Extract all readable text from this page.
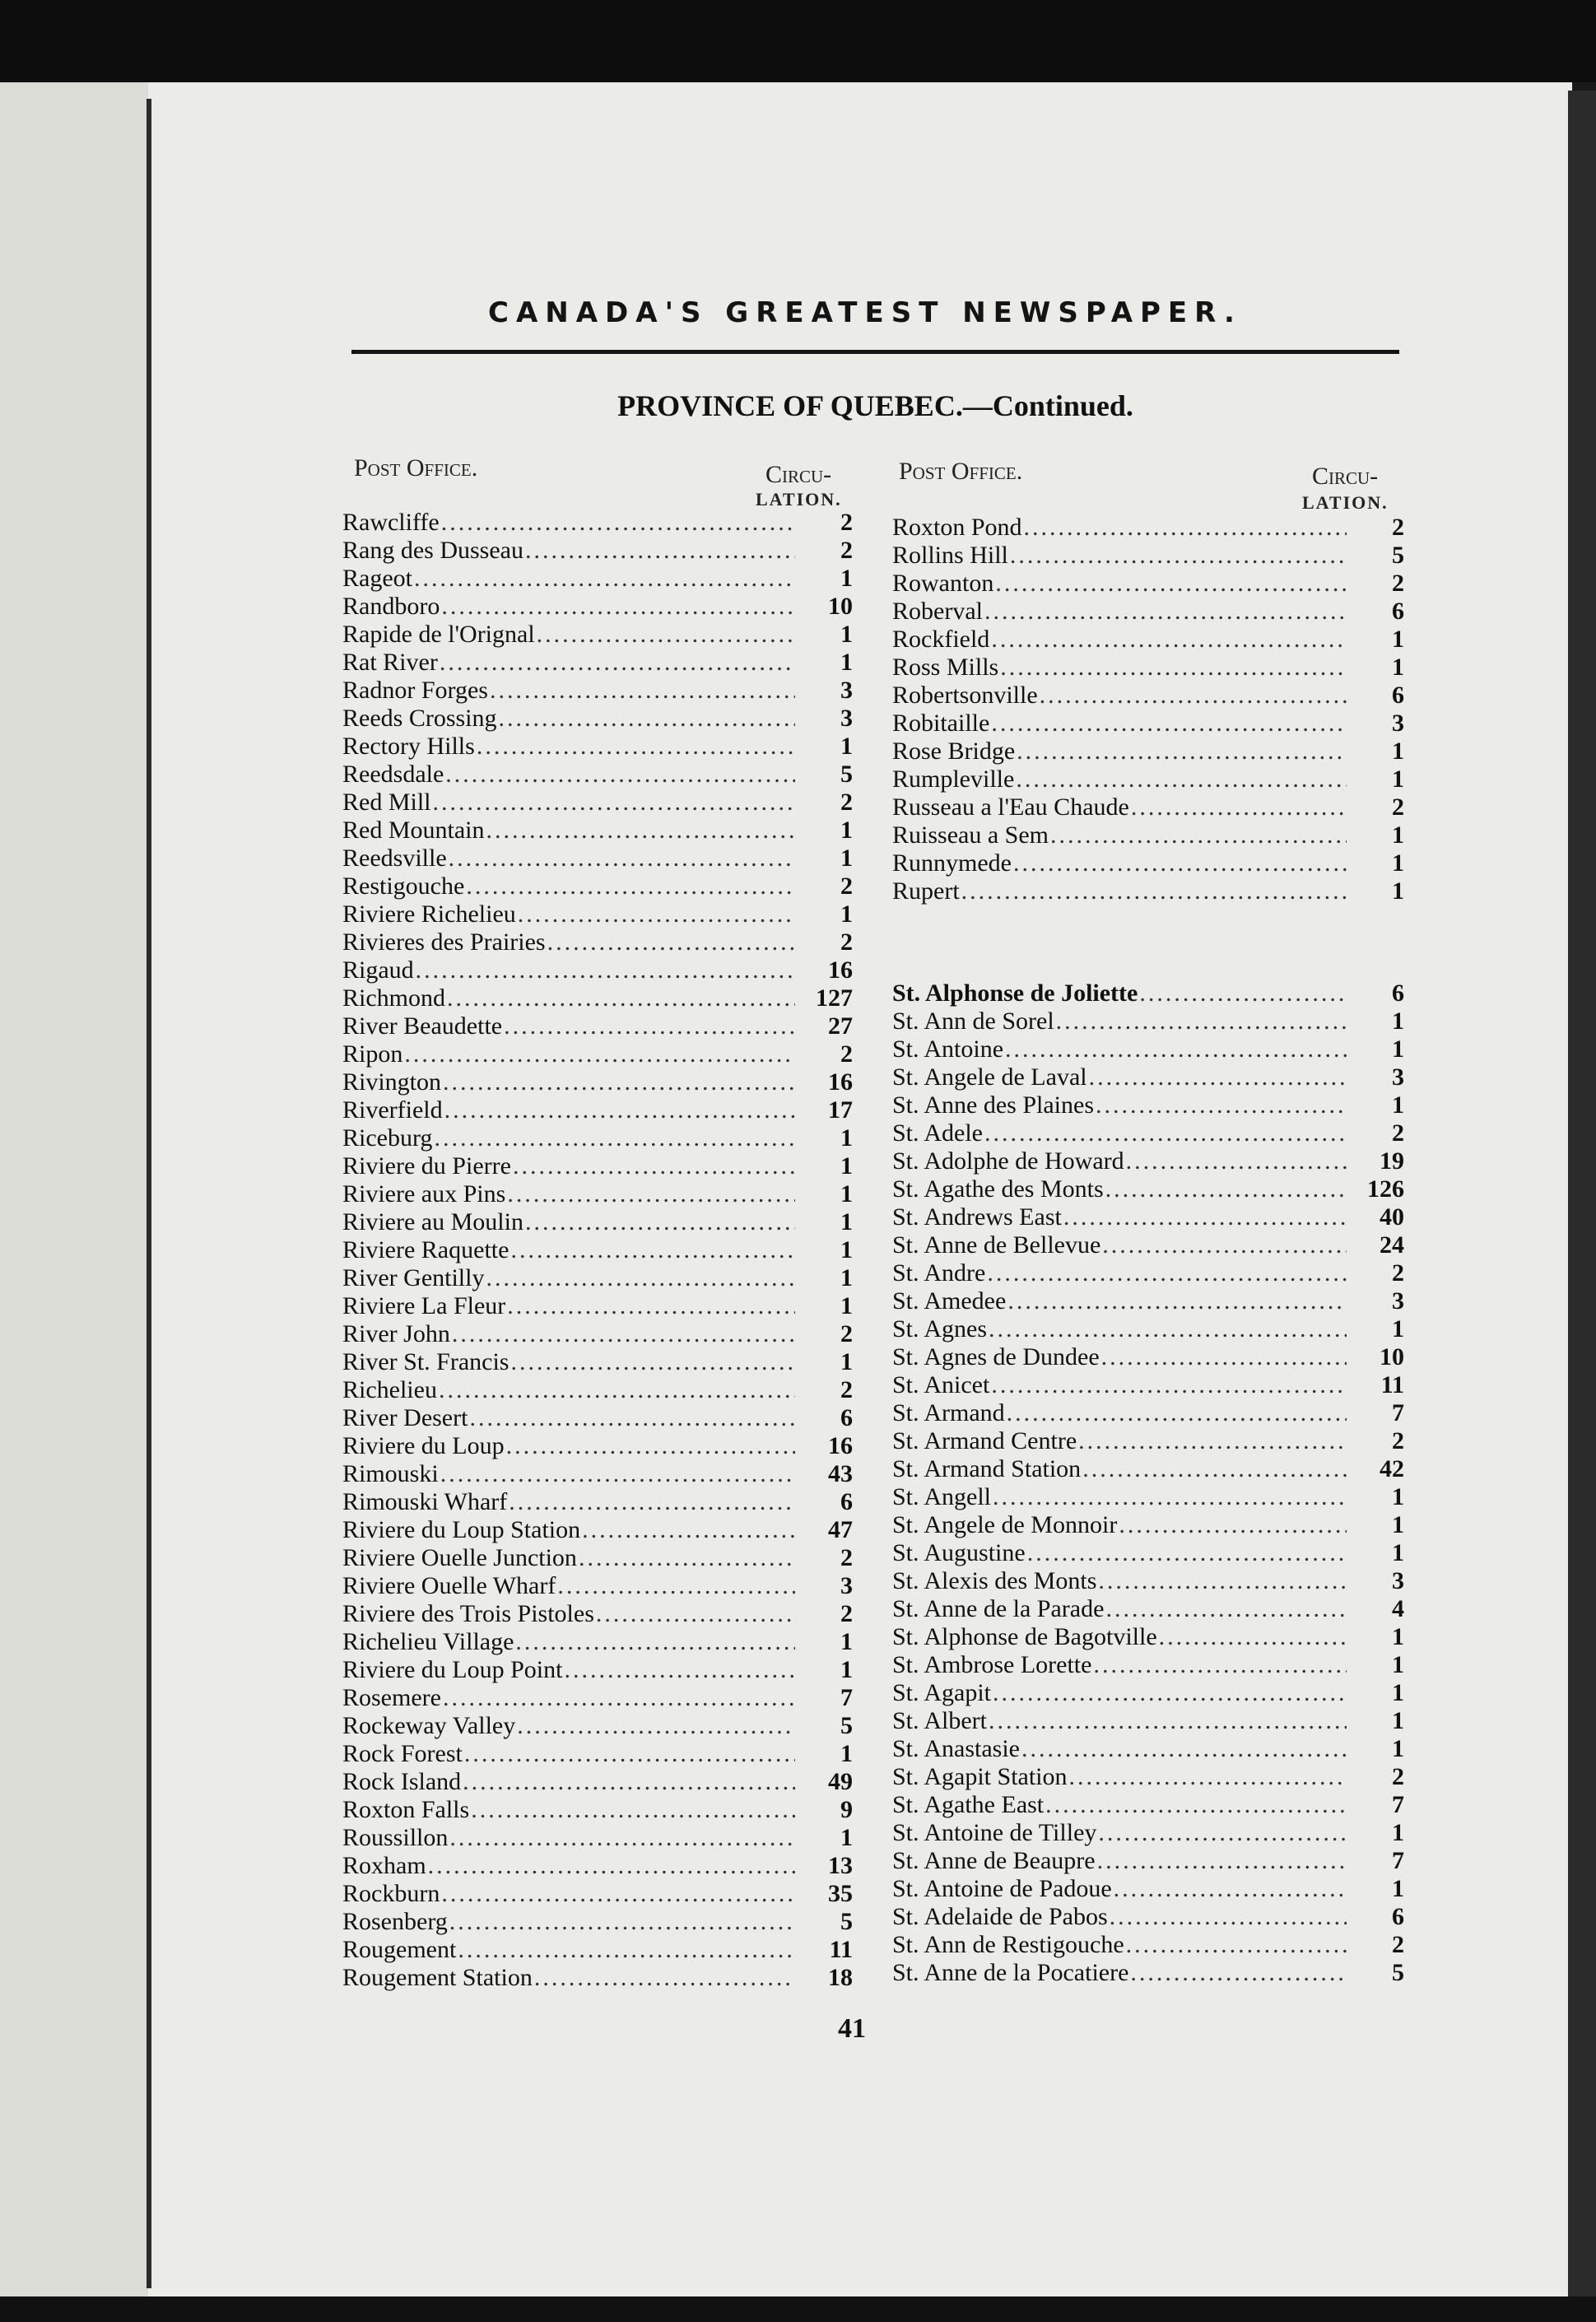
CANADA'S GREATEST NEWSPAPER.
PROVINCE OF QUEBEC.—Continued.
Post Office.	Circu-
LATION.
Post Office.	Circu-
LATION.
Rawcliffe .....	2
Rang des Dusseau .....	2
Rageot .....	1
Randboro .....	10
Rapide de l'Orignal .....	1
Rat River .....	1
Radnor Forges .....	3
Reeds Crossing .....	3
Rectory Hills .....	1
Reedsdale .....	5
Red Mill .....	2
Red Mountain .....	1
Reedsville .....	1
Restigouche .....	2
Riviere Richelieu .....	1
Rivieres des Prairies .....	2
Rigaud .....	16
Richmond .....	127
River Beaudette .....	27
Ripon .....	2
Rivington .....	16
Riverfield .....	17
Riceburg .....	1
Riviere du Pierre .....	1
Riviere aux Pins .....	1
Riviere au Moulin .....	1
Riviere Raquette .....	1
River Gentilly .....	1
Riviere La Fleur .....	1
River John .....	2
River St. Francis .....	1
Richelieu .....	2
River Desert .....	6
Riviere du Loup .....	16
Rimouski .....	43
Rimouski Wharf .....	6
Riviere du Loup Station .....	47
Riviere Ouelle Junction .....	2
Riviere Ouelle Wharf .....	3
Riviere des Trois Pistoles .....	2
Richelieu Village .....	1
Riviere du Loup Point .....	1
Rosemere .....	7
Rockeway Valley .....	5
Rock Forest .....	1
Rock Island .....	49
Roxton Falls .....	9
Roussillon .....	1
Roxham .....	13
Rockburn .....	35
Rosenberg .....	5
Rougement .....	11
Rougement Station .....	18
Roxton Pond .....	2
Rollins Hill .....	5
Rowanton .....	2
Roberval .....	6
Rockfield .....	1
Ross Mills .....	1
Robertsonville .....	6
Robitaille .....	3
Rose Bridge .....	1
Rumpleville .....	1
Russeau a l'Eau Chaude .....	2
Ruisseau a Sem .....	1
Runnymede .....	1
Rupert .....	1
St. Alphonse de Joliette .....	6
St. Ann de Sorel .....	1
St. Antoine .....	1
St. Angele de Laval .....	3
St. Anne des Plaines .....	1
St. Adele .....	2
St. Adolphe de Howard .....	19
St. Agathe des Monts .....	126
St. Andrews East .....	40
St. Anne de Bellevue .....	24
St. Andre .....	2
St. Amedee .....	3
St. Agnes .....	1
St. Agnes de Dundee .....	10
St. Anicet .....	11
St. Armand .....	7
St. Armand Centre .....	2
St. Armand Station .....	42
St. Angell .....	1
St. Angele de Monnoir .....	1
St. Augustine .....	1
St. Alexis des Monts .....	3
St. Anne de la Parade .....	4
St. Alphonse de Bagotville .....	1
St. Ambrose Lorette .....	1
St. Agapit .....	1
St. Albert .....	1
St. Anastasie .....	1
St. Agapit Station .....	2
St. Agathe East .....	7
St. Antoine de Tilley .....	1
St. Anne de Beaupre .....	7
St. Antoine de Padoue .....	1
St. Adelaide de Pabos .....	6
St. Ann de Restigouche .....	2
St. Anne de la Pocatiere .....	5
41
